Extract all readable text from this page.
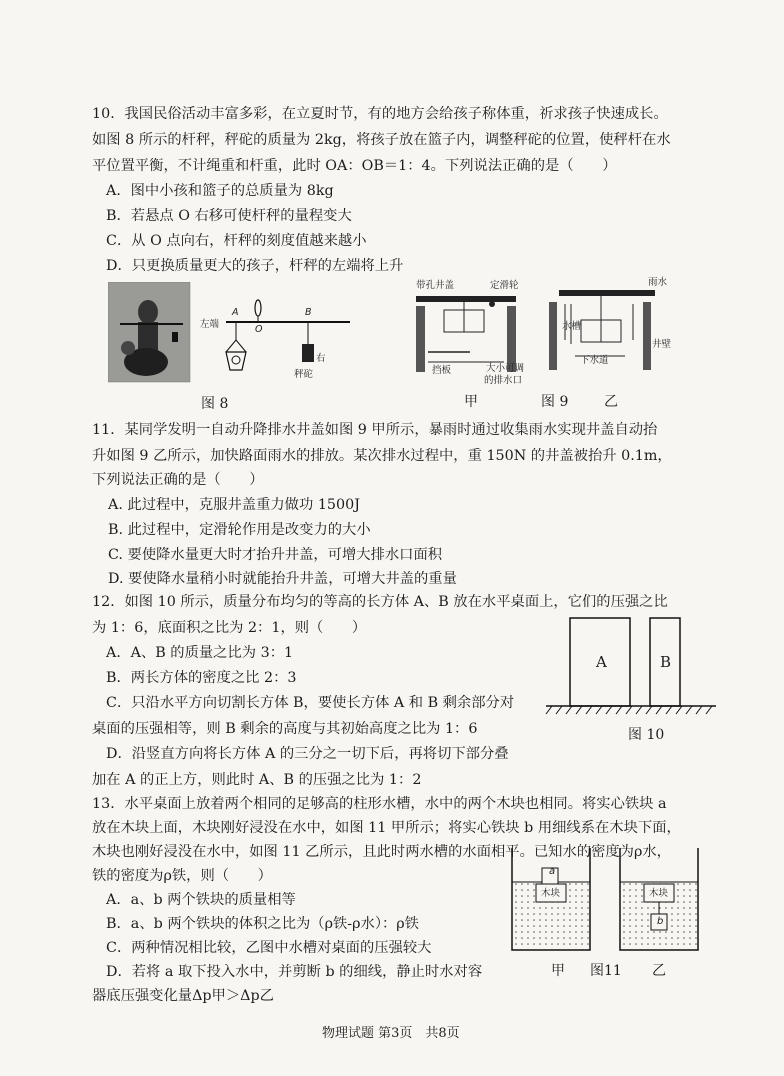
10．我国民俗活动丰富多彩，在立夏时节，有的地方会给孩子称体重，祈求孩子快速成长。
如图 8 所示的杆秤，秤砣的质量为 2kg，将孩子放在篮子内，调整秤砣的位置，使秤杆在水
平位置平衡，不计绳重和杆重，此时 OA：OB＝1：4。下列说法正确的是（　　）
A．图中小孩和篮子的总质量为 8kg
B．若悬点 O 右移可使杆秤的量程变大
C．从 O 点向右，杆秤的刻度值越来越小
D．只更换质量更大的孩子，杆秤的左端将上升
左端
A
O
B
右
秤砣
图 8
带孔井盖	定滑轮
挡板	大小可调
的排水口
雨水
水槽
下水道
井壁
甲	图 9	乙
11．某同学发明一自动升降排水井盖如图 9 甲所示，暴雨时通过收集雨水实现井盖自动抬
升如图 9 乙所示，加快路面雨水的排放。某次排水过程中，重 150N 的井盖被抬升 0.1m，
下列说法正确的是（　　）
A. 此过程中，克服井盖重力做功 1500J
B. 此过程中，定滑轮作用是改变力的大小
C. 要使降水量更大时才抬升井盖，可增大排水口面积
D. 要使降水量稍小时就能抬升井盖，可增大井盖的重量
12．如图 10 所示，质量分布均匀的等高的长方体 A、B 放在水平桌面上，它们的压强之比
为 1：6，底面积之比为 2：1，则（　　）
A．A、B 的质量之比为 3：1
B．两长方体的密度之比 2：3
C．只沿水平方向切割长方体 B，要使长方体 A 和 B 剩余部分对
桌面的压强相等，则 B 剩余的高度与其初始高度之比为 1：6
D．沿竖直方向将长方体 A 的三分之一切下后，再将切下部分叠
加在 A 的正上方，则此时 A、B 的压强之比为 1：2
A	B
图 10
13．水平桌面上放着两个相同的足够高的柱形水槽，水中的两个木块也相同。将实心铁块 a
放在木块上面，木块刚好浸没在水中，如图 11 甲所示；将实心铁块 b 用细线系在木块下面，
木块也刚好浸没在水中，如图 11 乙所示，且此时两水槽的水面相平。已知水的密度为ρ水，
铁的密度为ρ铁，则（　　）
A．a、b 两个铁块的质量相等
B．a、b 两个铁块的体积之比为（ρ铁-ρ水）：ρ铁
C．两种情况相比较，乙图中水槽对桌面的压强较大
D．若将 a 取下投入水中，并剪断 b 的细线，静止时水对容
器底压强变化量Δp甲＞Δp乙
a
木块	木块
b
甲 图11 乙
物理试题 第3页　共8页
